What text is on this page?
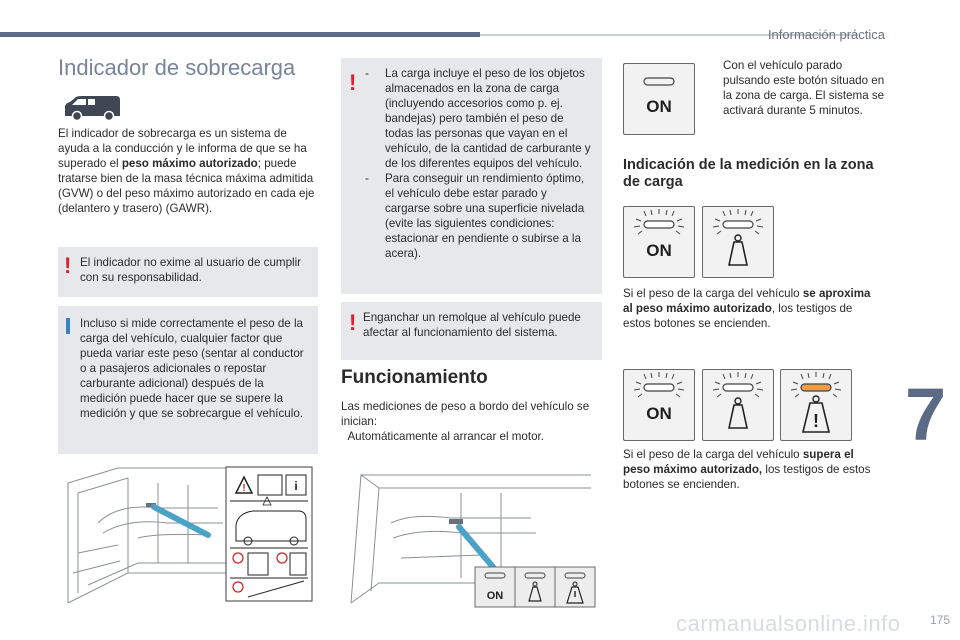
Información práctica
7
175
carmanualsonline.info
Indicador de sobrecarga
El indicador de sobrecarga es un sistema de ayuda a la conducción y le informa de que se ha superado el peso máximo autorizado; puede tratarse bien de la masa técnica máxima admitida (GVW) o del peso máximo autorizado en cada eje (delantero y trasero) (GAWR).
! El indicador no exime al usuario de cumplir con su responsabilidad.
Incluso si mide correctamente el peso de la carga del vehículo, cualquier factor que pueda variar este peso (sentar al conductor o a pasajeros adicionales o repostar carburante adicional) después de la medición puede hacer que se supere la medición y que se sobrecargue el vehículo.
!	i
! - La carga incluye el peso de los objetos almacenados en la zona de carga (incluyendo accesorios como p. ej. bandejas) pero también el peso de todas las personas que vayan en el vehículo, de la cantidad de carburante y de los diferentes equipos del vehículo.
- Para conseguir un rendimiento óptimo, el vehículo debe estar parado y cargarse sobre una superficie nivelada (evite las siguientes condiciones: estacionar en pendiente o subirse a la acera).
! Enganchar un remolque al vehículo puede afectar al funcionamiento del sistema.
Funcionamiento
Las mediciones de peso a bordo del vehículo se inician:
Automáticamente al arrancar el motor.
ON
ON
Con el vehículo parado pulsando este botón situado en la zona de carga. El sistema se activará durante 5 minutos.
Indicación de la medición en la zona de carga
ON
Si el peso de la carga del vehículo se aproxima al peso máximo autorizado, los testigos de estos botones se encienden.
ON	!
Si el peso de la carga del vehículo supera el peso máximo autorizado, los testigos de estos botones se encienden.
